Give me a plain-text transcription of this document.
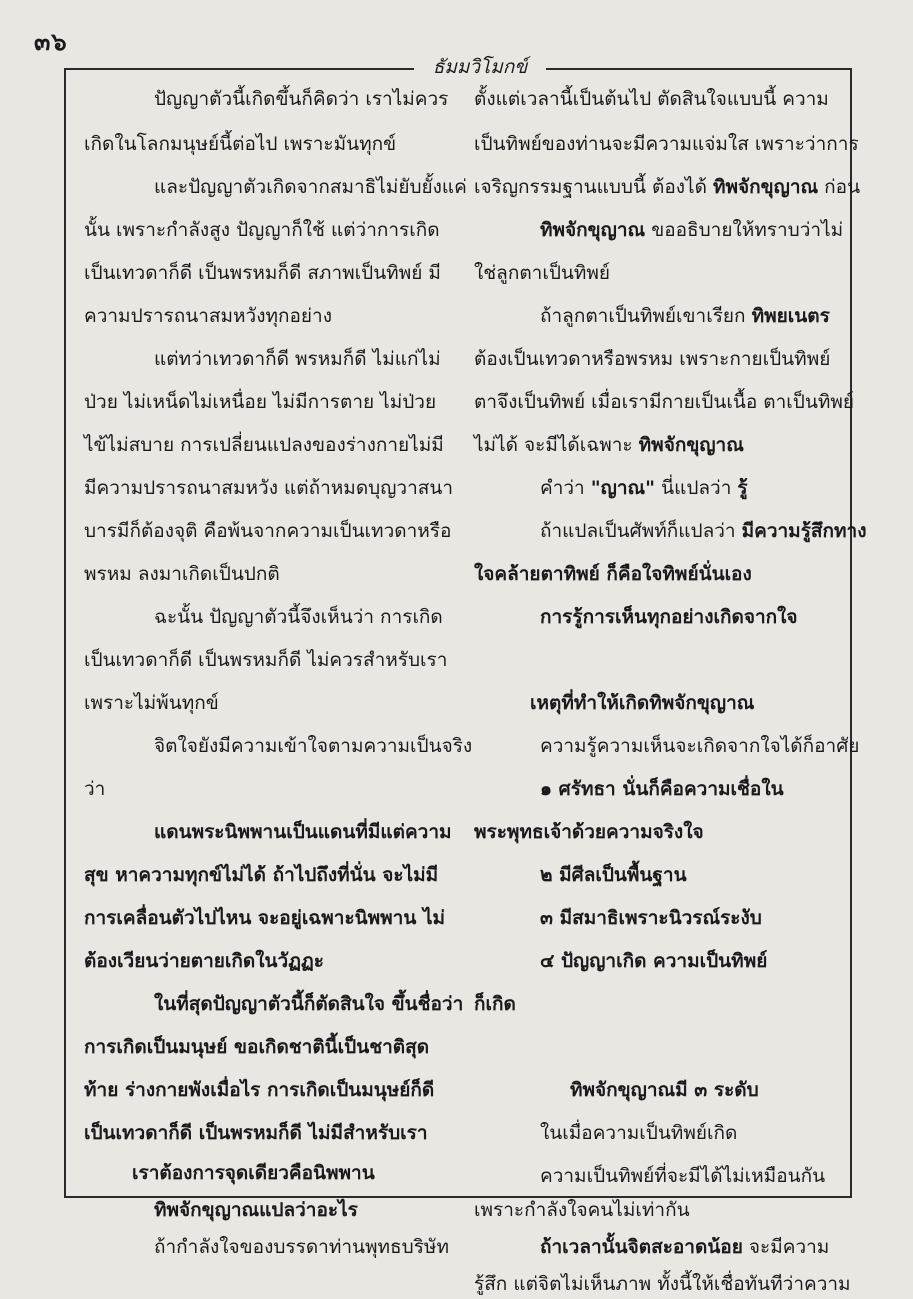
๓๖
ธัมมวิโมกข์
ปัญญาตัวนี้เกิดขึ้นก็คิดว่า เราไม่ควร
เกิดในโลกมนุษย์นี้ต่อไป เพราะมันทุกข์
และปัญญาตัวเกิดจากสมาธิไม่ยับยั้งแค่
นั้น เพราะกำลังสูง ปัญญาก็ใช้ แต่ว่าการเกิด
เป็นเทวดาก็ดี เป็นพรหมก็ดี สภาพเป็นทิพย์ มี
ความปรารถนาสมหวังทุกอย่าง
แต่ทว่าเทวดาก็ดี พรหมก็ดี ไม่แก่ไม่
ป่วย ไม่เหน็ดไม่เหนื่อย ไม่มีการตาย ไม่ป่วย
ไข้ไม่สบาย การเปลี่ยนแปลงของร่างกายไม่มี
มีความปรารถนาสมหวัง แต่ถ้าหมดบุญวาสนา
บารมีก็ต้องจุติ คือพ้นจากความเป็นเทวดาหรือ
พรหม ลงมาเกิดเป็นปกติ
ฉะนั้น ปัญญาตัวนี้จึงเห็นว่า การเกิด
เป็นเทวดาก็ดี เป็นพรหมก็ดี ไม่ควรสำหรับเรา
เพราะไม่พ้นทุกข์
จิตใจยังมีความเข้าใจตามความเป็นจริง
ว่า
แดนพระนิพพานเป็นแดนที่มีแต่ความ
สุข หาความทุกข์ไม่ได้ ถ้าไปถึงที่นั่น จะไม่มี
การเคลื่อนตัวไปไหน จะอยู่เฉพาะนิพพาน ไม่
ต้องเวียนว่ายตายเกิดในวัฏฏะ
ในที่สุดปัญญาตัวนี้ก็ตัดสินใจ ขึ้นชื่อว่า
การเกิดเป็นมนุษย์ ขอเกิดชาตินี้เป็นชาติสุด
ท้าย ร่างกายพังเมื่อไร การเกิดเป็นมนุษย์ก็ดี
เป็นเทวดาก็ดี เป็นพรหมก็ดี ไม่มีสำหรับเรา
เราต้องการจุดเดียวคือนิพพาน
ทิพจักขุญาณแปลว่าอะไร
ถ้ากำลังใจของบรรดาท่านพุทธบริษัท
ตั้งแต่เวลานี้เป็นต้นไป ตัดสินใจแบบนี้ ความ
เป็นทิพย์ของท่านจะมีความแจ่มใส เพราะว่าการ
เจริญกรรมฐานแบบนี้ ต้องได้ ทิพจักขุญาณ ก่อน
ทิพจักขุญาณ ขออธิบายให้ทราบว่าไม่
ใช่ลูกตาเป็นทิพย์
ถ้าลูกตาเป็นทิพย์เขาเรียก ทิพยเนตร
ต้องเป็นเทวดาหรือพรหม เพราะกายเป็นทิพย์
ตาจึงเป็นทิพย์ เมื่อเรามีกายเป็นเนื้อ ตาเป็นทิพย์
ไม่ได้ จะมีได้เฉพาะ ทิพจักขุญาณ
คำว่า "ญาณ" นี่แปลว่า รู้
ถ้าแปลเป็นศัพท์ก็แปลว่า มีความรู้สึกทาง
ใจคล้ายตาทิพย์ ก็คือใจทิพย์นั่นเอง
การรู้การเห็นทุกอย่างเกิดจากใจ
เหตุที่ทำให้เกิดทิพจักขุญาณ
ความรู้ความเห็นจะเกิดจากใจได้ก็อาศัย
๑ ศรัทธา นั่นก็คือความเชื่อใน
พระพุทธเจ้าด้วยความจริงใจ
๒ มีศีลเป็นพื้นฐาน
๓ มีสมาธิเพราะนิวรณ์ระงับ
๔ ปัญญาเกิด ความเป็นทิพย์
ก็เกิด
ทิพจักขุญาณมี ๓ ระดับ
ในเมื่อความเป็นทิพย์เกิด
ความเป็นทิพย์ที่จะมีได้ไม่เหมือนกัน
เพราะกำลังใจคนไม่เท่ากัน
ถ้าเวลานั้นจิตสะอาดน้อย จะมีความ
รู้สึก แต่จิตไม่เห็นภาพ ทั้งนี้ให้เชื่อทันทีว่าความ
